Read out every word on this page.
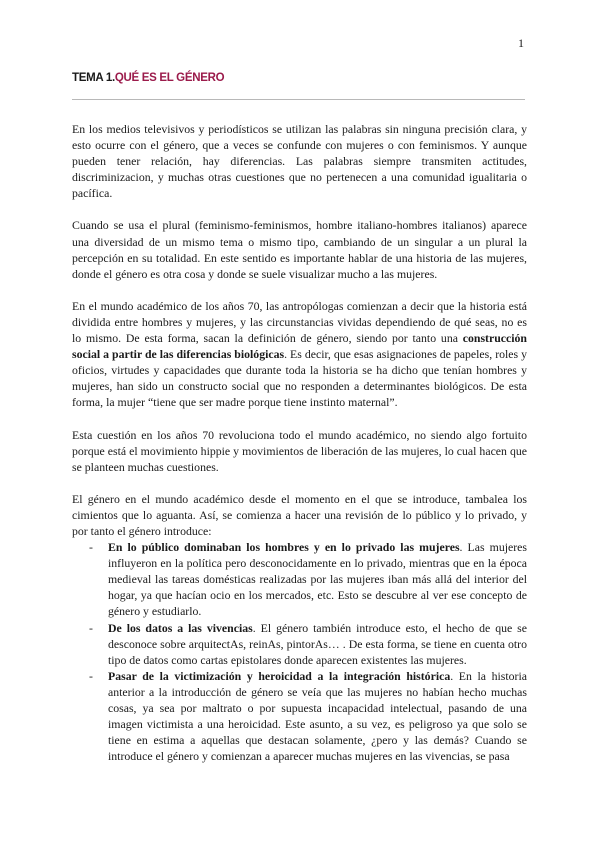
1
TEMA 1.QUÉ ES EL GÉNERO

En los medios televisivos y periodísticos se utilizan las palabras sin ninguna precisión clara, y esto ocurre con el género, que a veces se confunde con mujeres o con feminismos. Y aunque pueden tener relación, hay diferencias. Las palabras siempre transmiten actitudes, discriminizacion, y muchas otras cuestiones que no pertenecen a una comunidad igualitaria o pacífica.

Cuando se usa el plural (feminismo-feminismos, hombre italiano-hombres italianos) aparece una diversidad de un mismo tema o mismo tipo, cambiando de un singular a un plural la percepción en su totalidad. En este sentido es importante hablar de una historia de las mujeres, donde el género es otra cosa y donde se suele visualizar mucho a las mujeres.

En el mundo académico de los años 70, las antropólogas comienzan a decir que la historia está dividida entre hombres y mujeres, y las circunstancias vividas dependiendo de qué seas, no es lo mismo. De esta forma, sacan la definición de género, siendo por tanto una construcción social a partir de las diferencias biológicas. Es decir, que esas asignaciones de papeles, roles y oficios, virtudes y capacidades que durante toda la historia se ha dicho que tenían hombres y mujeres, han sido un constructo social que no responden a determinantes biológicos. De esta forma, la mujer “tiene que ser madre porque tiene instinto maternal”.

Esta cuestión en los años 70 revoluciona todo el mundo académico, no siendo algo fortuito porque está el movimiento hippie y movimientos de liberación de las mujeres, lo cual hacen que se planteen muchas cuestiones.

El género en el mundo académico desde el momento en el que se introduce, tambalea los cimientos que lo aguanta. Así, se comienza a hacer una revisión de lo público y lo privado, y por tanto el género introduce:

- En lo público dominaban los hombres y en lo privado las mujeres. Las mujeres influyeron en la política pero desconocidamente en lo privado, mientras que en la época medieval las tareas domésticas realizadas por las mujeres iban más allá del interior del hogar, ya que hacían ocio en los mercados, etc. Esto se descubre al ver ese concepto de género y estudiarlo.
- De los datos a las vivencias. El género también introduce esto, el hecho de que se desconoce sobre arquitectAs, reinAs, pintorAs… . De esta forma, se tiene en cuenta otro tipo de datos como cartas epistolares donde aparecen existentes las mujeres.
- Pasar de la victimización y heroicidad a la integración histórica. En la historia anterior a la introducción de género se veía que las mujeres no habían hecho muchas cosas, ya sea por maltrato o por supuesta incapacidad intelectual, pasando de una imagen victimista a una heroicidad. Este asunto, a su vez, es peligroso ya que solo se tiene en estima a aquellas que destacan solamente, ¿pero y las demás? Cuando se introduce el género y comienzan a aparecer muchas mujeres en las vivencias, se pasa
